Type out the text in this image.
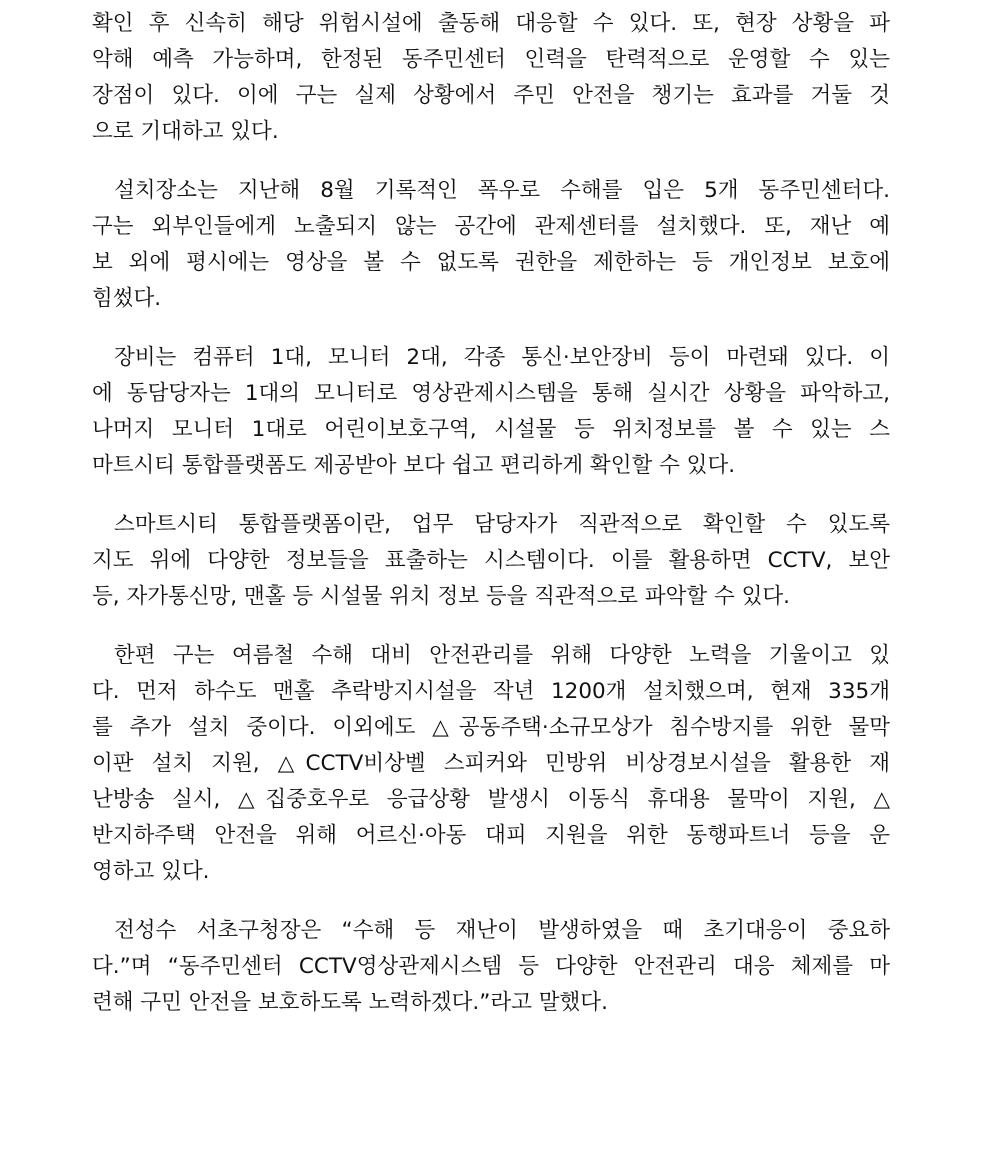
확인 후 신속히 해당 위험시설에 출동해 대응할 수 있다. 또, 현장 상황을 파
악해 예측 가능하며, 한정된 동주민센터 인력을 탄력적으로 운영할 수 있는
장점이 있다. 이에 구는 실제 상황에서 주민 안전을 챙기는 효과를 거둘 것
으로 기대하고 있다.
설치장소는 지난해 8월 기록적인 폭우로 수해를 입은 5개 동주민센터다.
구는 외부인들에게 노출되지 않는 공간에 관제센터를 설치했다. 또, 재난 예
보 외에 평시에는 영상을 볼 수 없도록 권한을 제한하는 등 개인정보 보호에
힘썼다.
장비는 컴퓨터 1대, 모니터 2대, 각종 통신·보안장비 등이 마련돼 있다. 이
에 동담당자는 1대의 모니터로 영상관제시스템을 통해 실시간 상황을 파악하고,
나머지 모니터 1대로 어린이보호구역, 시설물 등 위치정보를 볼 수 있는 스
마트시티 통합플랫폼도 제공받아 보다 쉽고 편리하게 확인할 수 있다.
스마트시티 통합플랫폼이란, 업무 담당자가 직관적으로 확인할 수 있도록
지도 위에 다양한 정보들을 표출하는 시스템이다. 이를 활용하면 CCTV, 보안
등, 자가통신망, 맨홀 등 시설물 위치 정보 등을 직관적으로 파악할 수 있다.
한편 구는 여름철 수해 대비 안전관리를 위해 다양한 노력을 기울이고 있
다. 먼저 하수도 맨홀 추락방지시설을 작년 1200개 설치했으며, 현재 335개
를 추가 설치 중이다. 이외에도 △공동주택·소규모상가 침수방지를 위한 물막
이판 설치 지원, △CCTV비상벨 스피커와 민방위 비상경보시설을 활용한 재
난방송 실시, △집중호우로 응급상황 발생시 이동식 휴대용 물막이 지원, △
반지하주택 안전을 위해 어르신·아동 대피 지원을 위한 동행파트너 등을 운
영하고 있다.
전성수 서초구청장은 “수해 등 재난이 발생하였을 때 초기대응이 중요하
다.”며 “동주민센터 CCTV영상관제시스템 등 다양한 안전관리 대응 체제를 마
련해 구민 안전을 보호하도록 노력하겠다.”라고 말했다.
